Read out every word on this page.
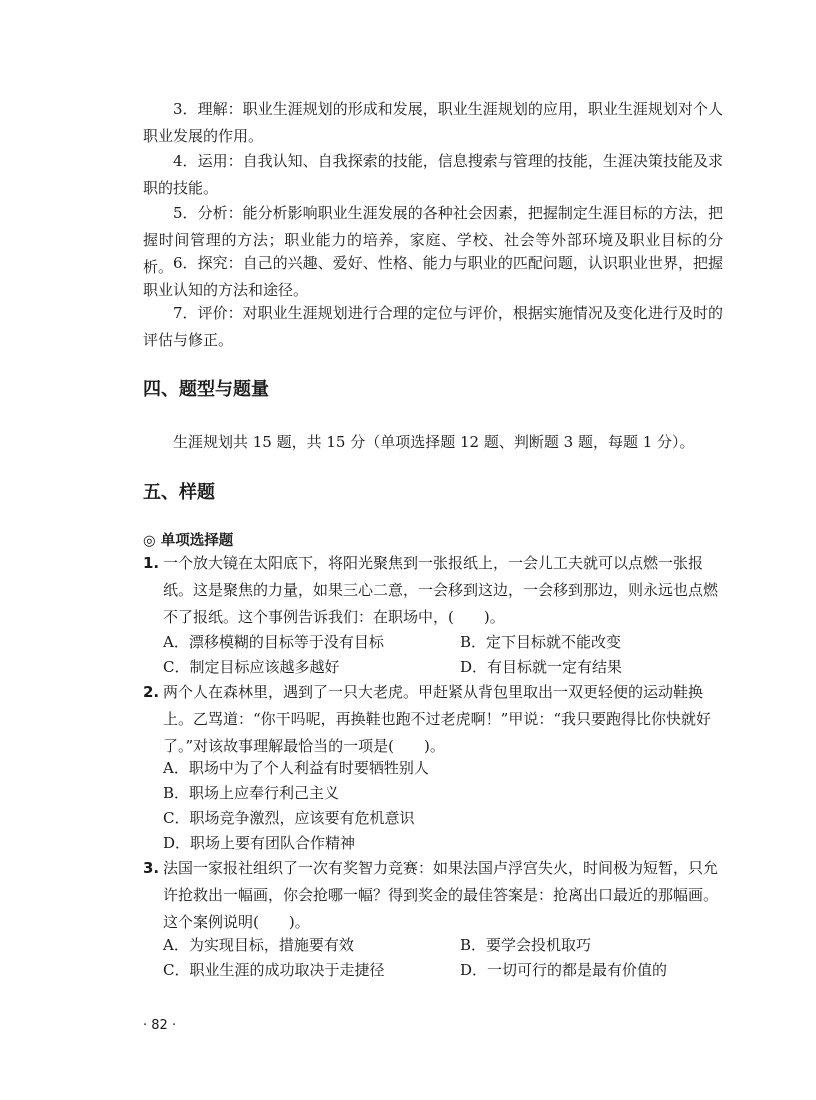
3．理解：职业生涯规划的形成和发展，职业生涯规划的应用，职业生涯规划对个人职业发展的作用。
4．运用：自我认知、自我探索的技能，信息搜索与管理的技能，生涯决策技能及求职的技能。
5．分析：能分析影响职业生涯发展的各种社会因素，把握制定生涯目标的方法，把握时间管理的方法；职业能力的培养，家庭、学校、社会等外部环境及职业目标的分析。 6．探究：自己的兴趣、爱好、性格、能力与职业的匹配问题，认识职业世界，把握职业认知的方法和途径。
7．评价：对职业生涯规划进行合理的定位与评价，根据实施情况及变化进行及时的评估与修正。
四、题型与题量
生涯规划共 15 题，共 15 分（单项选择题 12 题、判断题 3 题，每题 1 分）。
五、样题
◎ 单项选择题
1. 一个放大镜在太阳底下，将阳光聚焦到一张报纸上，一会儿工夫就可以点燃一张报纸。这是聚焦的力量，如果三心二意，一会移到这边，一会移到那边，则永远也点燃不了报纸。这个事例告诉我们：在职场中，(　　)。
A．漂移模糊的目标等于没有目标	B．定下目标就不能改变
C．制定目标应该越多越好	D．有目标就一定有结果
2. 两个人在森林里，遇到了一只大老虎。甲赶紧从背包里取出一双更轻便的运动鞋换上。乙骂道：“你干吗呢，再换鞋也跑不过老虎啊！”甲说：“我只要跑得比你快就好了。”对该故事理解最恰当的一项是(　　)。
A．职场中为了个人利益有时要牺牲别人
B．职场上应奉行利己主义
C．职场竞争激烈，应该要有危机意识
D．职场上要有团队合作精神
3. 法国一家报社组织了一次有奖智力竞赛：如果法国卢浮宫失火，时间极为短暂，只允许抢救出一幅画，你会抢哪一幅？得到奖金的最佳答案是：抢离出口最近的那幅画。这个案例说明(　　)。
A．为实现目标，措施要有效	B．要学会投机取巧
C．职业生涯的成功取决于走捷径	D．一切可行的都是最有价值的
· 82 ·
